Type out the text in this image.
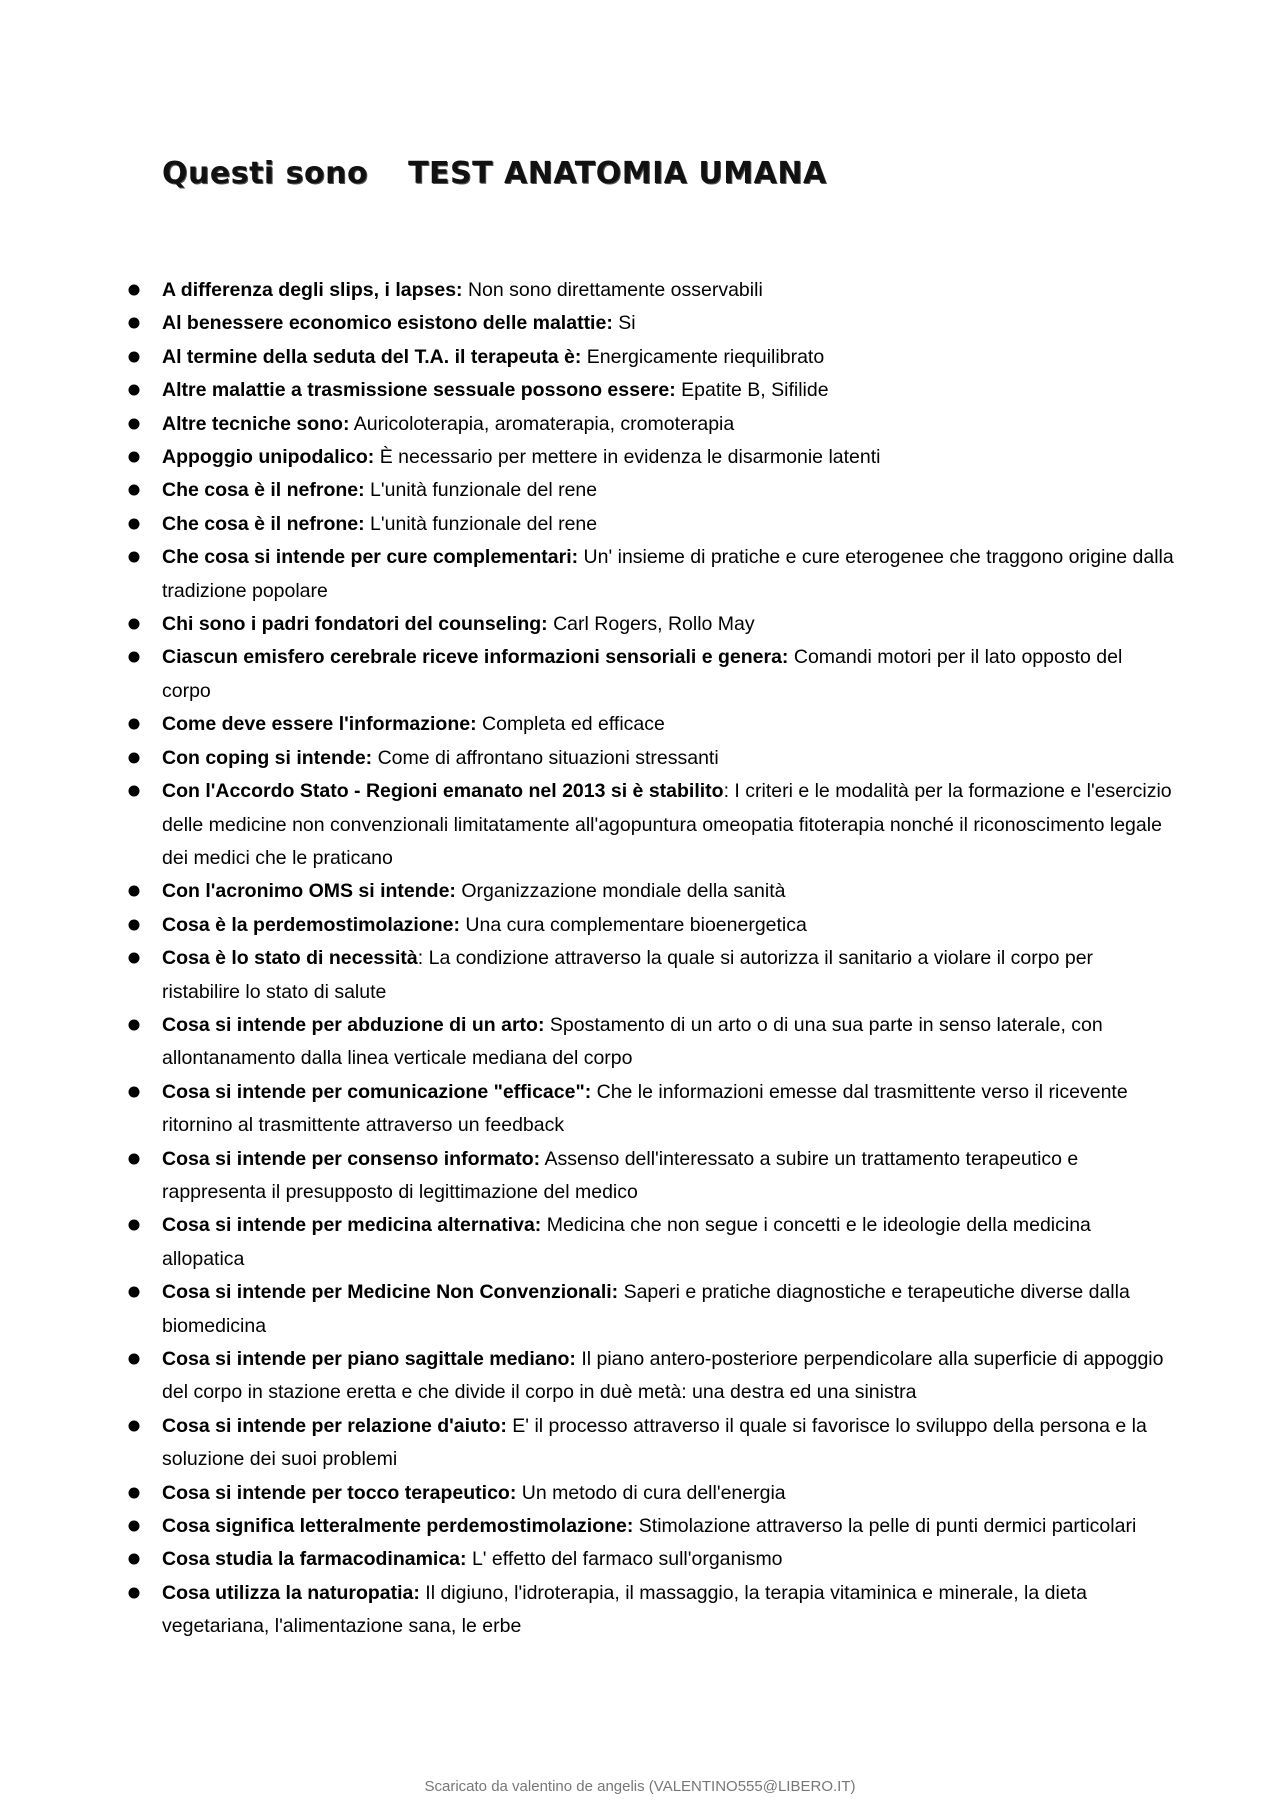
Questi sono TEST ANATOMIA UMANA
A differenza degli slips, i lapses: Non sono direttamente osservabili
Al benessere economico esistono delle malattie: Si
Al termine della seduta del T.A. il terapeuta è: Energicamente riequilibrato
Altre malattie a trasmissione sessuale possono essere: Epatite B, Sifilide
Altre tecniche sono: Auricoloterapia, aromaterapia, cromoterapia
Appoggio unipodalico: È necessario per mettere in evidenza le disarmonie latenti
Che cosa è il nefrone: L'unità funzionale del rene
Che cosa è il nefrone: L'unità funzionale del rene
Che cosa si intende per cure complementari: Un' insieme di pratiche e cure eterogenee che traggono origine dalla tradizione popolare
Chi sono i padri fondatori del counseling: Carl Rogers, Rollo May
Ciascun emisfero cerebrale riceve informazioni sensoriali e genera: Comandi motori per il lato opposto del corpo
Come deve essere l'informazione: Completa ed efficace
Con coping si intende: Come di affrontano situazioni stressanti
Con l'Accordo Stato - Regioni emanato nel 2013 si è stabilito: I criteri e le modalità per la formazione e l'esercizio delle medicine non convenzionali limitatamente all'agopuntura omeopatia fitoterapia nonché il riconoscimento legale dei medici che le praticano
Con l'acronimo OMS si intende: Organizzazione mondiale della sanità
Cosa è la perdemostimolazione: Una cura complementare bioenergetica
Cosa è lo stato di necessità: La condizione attraverso la quale si autorizza il sanitario a violare il corpo per ristabilire lo stato di salute
Cosa si intende per abduzione di un arto: Spostamento di un arto o di una sua parte in senso laterale, con allontanamento dalla linea verticale mediana del corpo
Cosa si intende per comunicazione "efficace": Che le informazioni emesse dal trasmittente verso il ricevente ritornino al trasmittente attraverso un feedback
Cosa si intende per consenso informato: Assenso dell'interessato a subire un trattamento terapeutico e rappresenta il presupposto di legittimazione del medico
Cosa si intende per medicina alternativa: Medicina che non segue i concetti e le ideologie della medicina allopatica
Cosa si intende per Medicine Non Convenzionali: Saperi e pratiche diagnostiche e terapeutiche diverse dalla biomedicina
Cosa si intende per piano sagittale mediano: Il piano antero-posteriore perpendicolare alla superficie di appoggio del corpo in stazione eretta e che divide il corpo in duè metà: una destra ed una sinistra
Cosa si intende per relazione d'aiuto: E' il processo attraverso il quale si favorisce lo sviluppo della persona e la soluzione dei suoi problemi
Cosa si intende per tocco terapeutico: Un metodo di cura dell'energia
Cosa significa letteralmente perdemostimolazione: Stimolazione attraverso la pelle di punti dermici particolari
Cosa studia la farmacodinamica: L' effetto del farmaco sull'organismo
Cosa utilizza la naturopatia: Il digiuno, l'idroterapia, il massaggio, la terapia vitaminica e minerale, la dieta vegetariana, l'alimentazione sana, le erbe
Scaricato da valentino de angelis (VALENTINO555@LIBERO.IT)
